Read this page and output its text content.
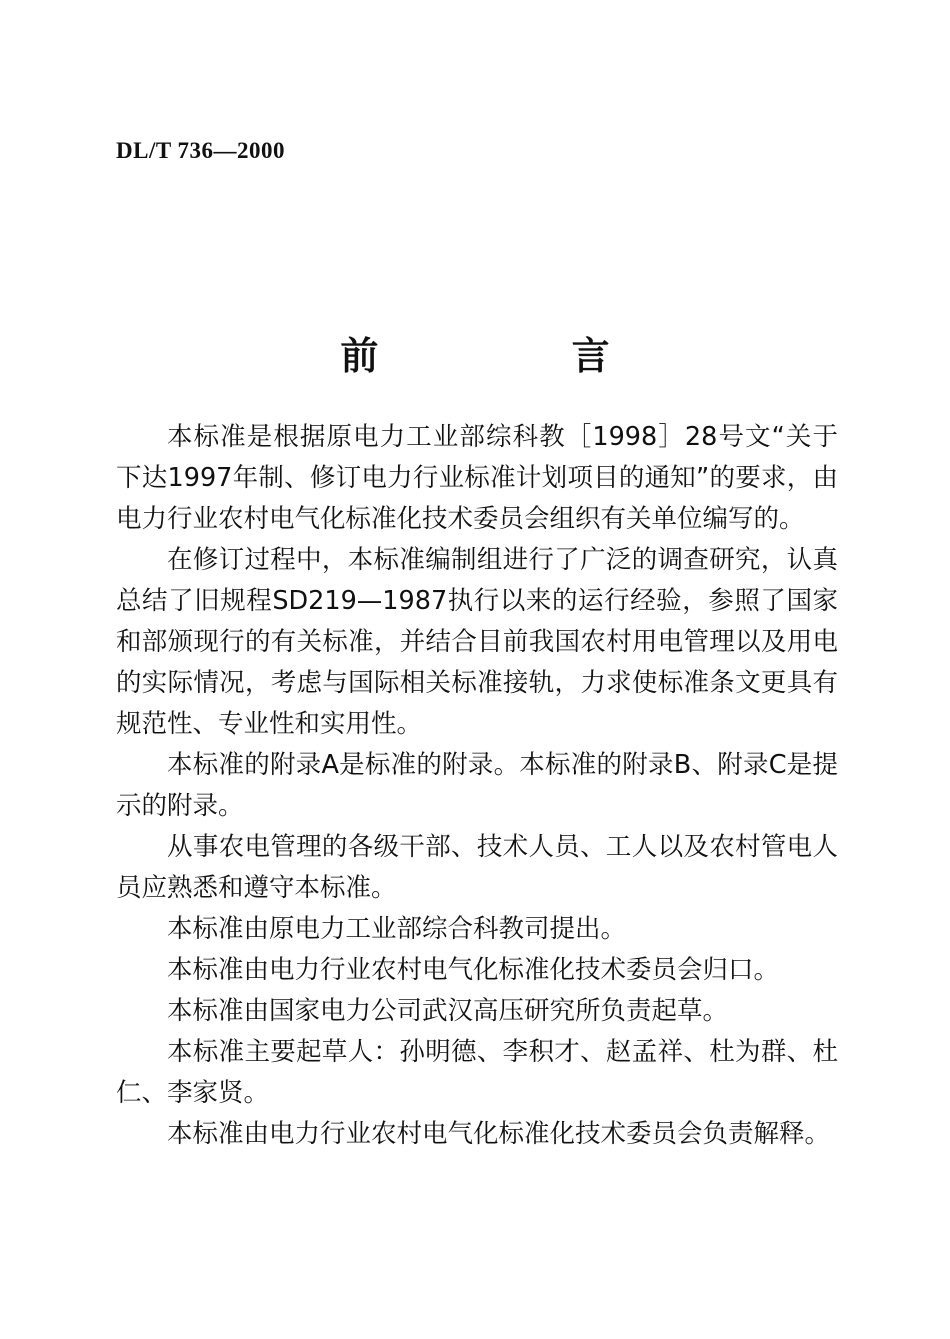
DL/T 736—2000
前 言

本标准是根据原电力工业部综科教［1998］28号文“关于下达1997年制、修订电力行业标准计划项目的通知”的要求，由电力行业农村电气化标准化技术委员会组织有关单位编写的。

在修订过程中，本标准编制组进行了广泛的调查研究，认真总结了旧规程SD219—1987执行以来的运行经验，参照了国家和部颁现行的有关标准，并结合目前我国农村用电管理以及用电的实际情况，考虑与国际相关标准接轨，力求使标准条文更具有规范性、专业性和实用性。

本标准的附录A是标准的附录。本标准的附录B、附录C是提示的附录。

从事农电管理的各级干部、技术人员、工人以及农村管电人员应熟悉和遵守本标准。

本标准由原电力工业部综合科教司提出。

本标准由电力行业农村电气化标准化技术委员会归口。

本标准由国家电力公司武汉高压研究所负责起草。

本标准主要起草人：孙明德、李积才、赵孟祥、杜为群、杜仁、李家贤。

本标准由电力行业农村电气化标准化技术委员会负责解释。
